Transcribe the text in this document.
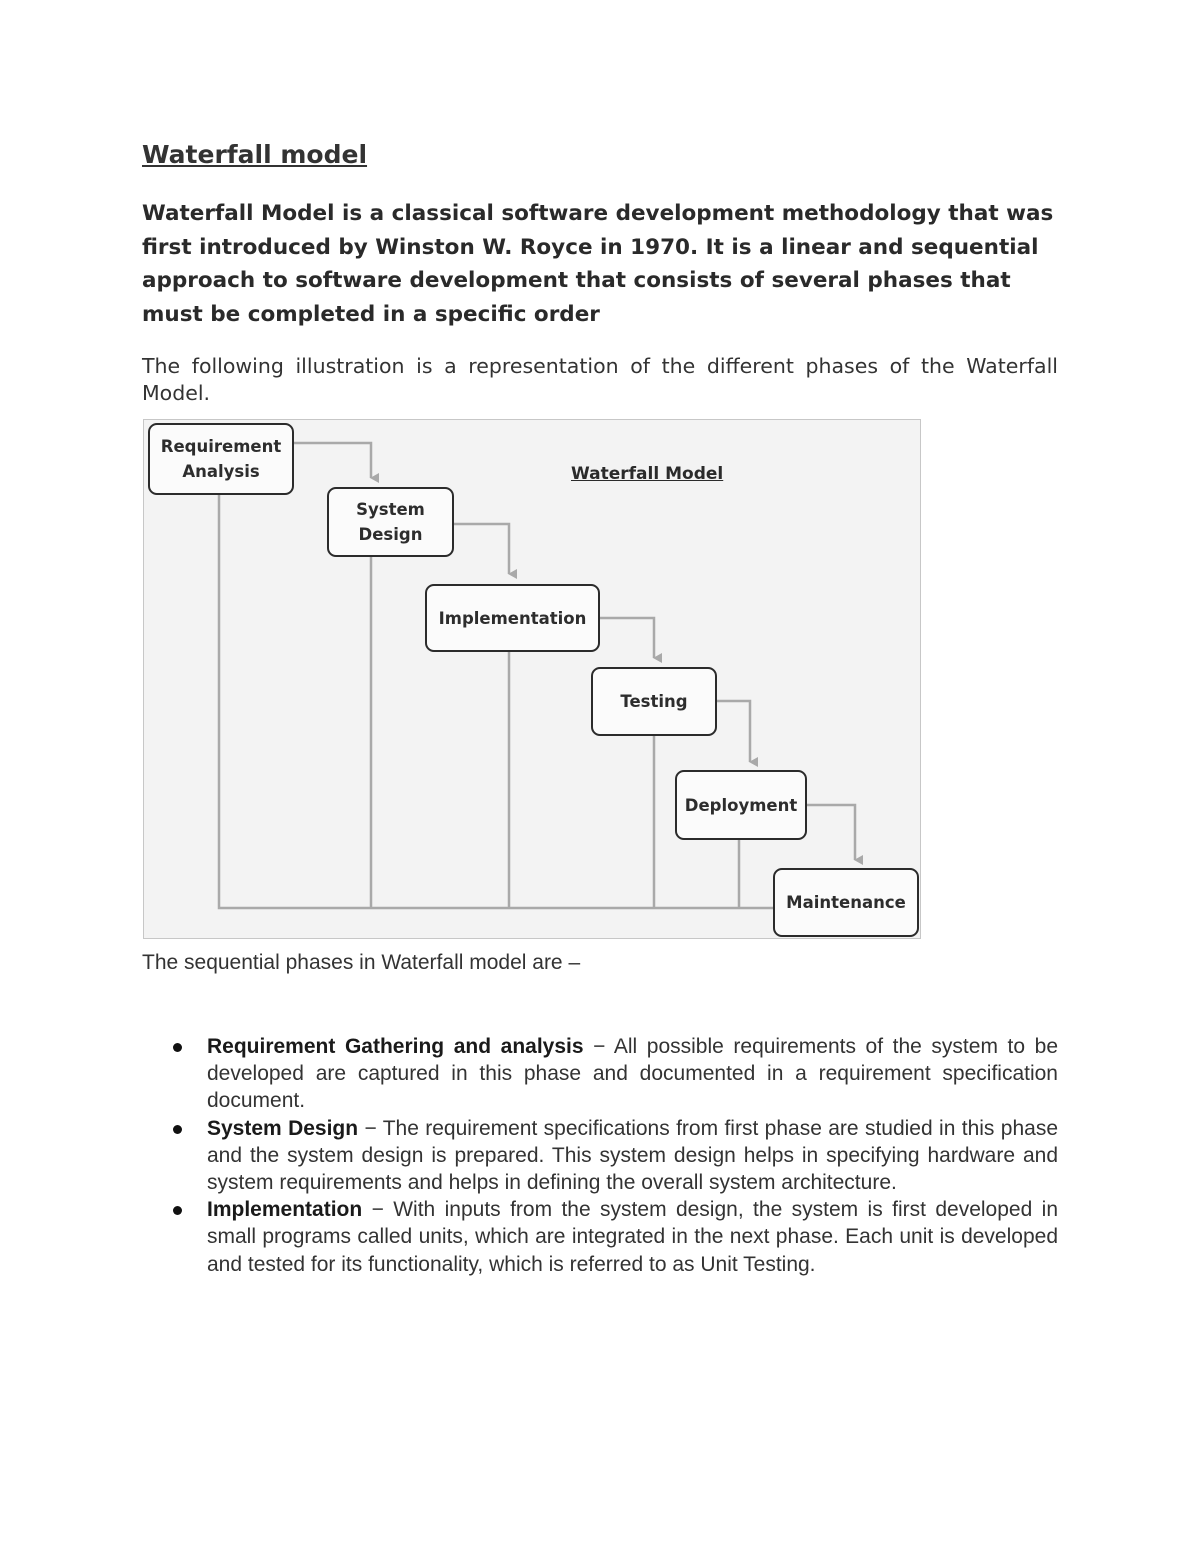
Waterfall model

Waterfall Model is a classical software development methodology that was first introduced by Winston W. Royce in 1970. It is a linear and sequential approach to software development that consists of several phases that must be completed in a specific order

The following illustration is a representation of the different phases of the Waterfall Model.

Waterfall Model
Requirement
Analysis
System
Design
Implementation
Testing
Deployment
Maintenance

The sequential phases in Waterfall model are –

Requirement Gathering and analysis − All possible requirements of the system to be developed are captured in this phase and documented in a requirement specification document.
System Design − The requirement specifications from first phase are studied in this phase and the system design is prepared. This system design helps in specifying hardware and system requirements and helps in defining the overall system architecture.
Implementation − With inputs from the system design, the system is first developed in small programs called units, which are integrated in the next phase. Each unit is developed and tested for its functionality, which is referred to as Unit Testing.
